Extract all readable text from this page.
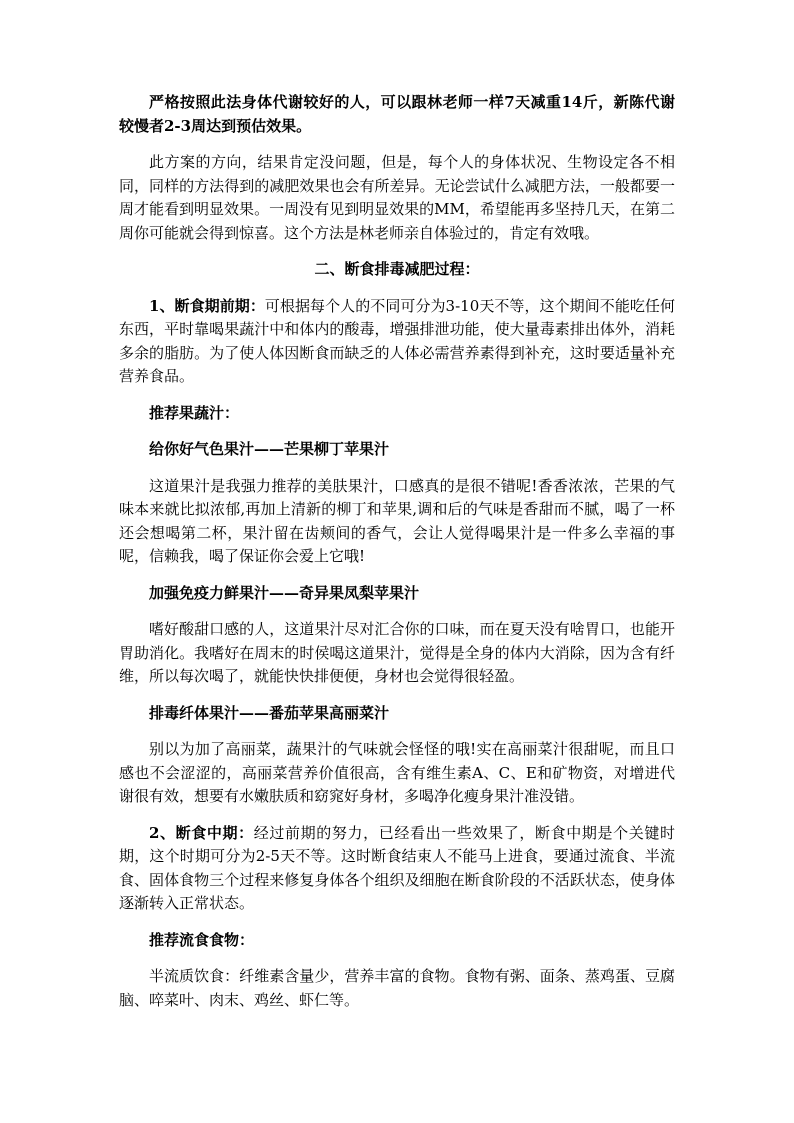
严格按照此法身体代谢较好的人，可以跟林老师一样7天减重14斤，新陈代谢较慢者2-3周达到预估效果。

此方案的方向，结果肯定没问题，但是，每个人的身体状况、生物设定各不相同，同样的方法得到的减肥效果也会有所差异。无论尝试什么减肥方法，一般都要一周才能看到明显效果。一周没有见到明显效果的MM，希望能再多坚持几天，在第二周你可能就会得到惊喜。这个方法是林老师亲自体验过的，肯定有效哦。

二、断食排毒减肥过程：

1、断食期前期：可根据每个人的不同可分为3-10天不等，这个期间不能吃任何东西，平时靠喝果蔬汁中和体内的酸毒，增强排泄功能，使大量毒素排出体外，消耗多余的脂肪。为了使人体因断食而缺乏的人体必需营养素得到补充，这时要适量补充营养食品。

推荐果蔬汁：

给你好气色果汁——芒果柳丁苹果汁

这道果汁是我强力推荐的美肤果汁，口感真的是很不错呢!香香浓浓，芒果的气味本来就比拟浓郁,再加上清新的柳丁和苹果,调和后的气味是香甜而不腻，喝了一杯还会想喝第二杯，果汁留在齿颊间的香气，会让人觉得喝果汁是一件多么幸福的事呢，信赖我，喝了保证你会爱上它哦!

加强免疫力鲜果汁——奇异果凤梨苹果汁

嗜好酸甜口感的人，这道果汁尽对汇合你的口味，而在夏天没有啥胃口，也能开胃助消化。我嗜好在周末的时侯喝这道果汁，觉得是全身的体内大消除，因为含有纤维，所以每次喝了，就能快快排便便，身材也会觉得很轻盈。

排毒纤体果汁——番茄苹果高丽菜汁

别以为加了高丽菜，蔬果汁的气味就会怪怪的哦!实在高丽菜汁很甜呢，而且口感也不会涩涩的，高丽菜营养价值很高，含有维生素A、C、E和矿物资，对增进代谢很有效，想要有水嫩肤质和窈窕好身材，多喝净化瘦身果汁准没错。

2、断食中期：经过前期的努力，已经看出一些效果了，断食中期是个关键时期，这个时期可分为2-5天不等。这时断食结束人不能马上进食，要通过流食、半流食、固体食物三个过程来修复身体各个组织及细胞在断食阶段的不活跃状态，使身体逐渐转入正常状态。

推荐流食食物：

半流质饮食：纤维素含量少，营养丰富的食物。食物有粥、面条、蒸鸡蛋、豆腐脑、啐菜叶、肉末、鸡丝、虾仁等。
